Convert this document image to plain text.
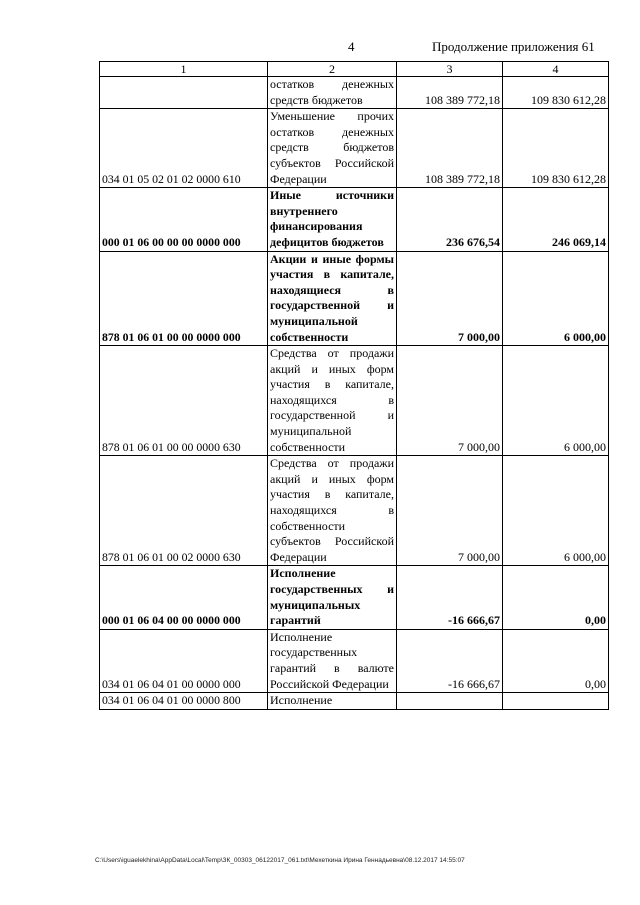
4	Продолжение приложения 61
1	2	3	4
	остатков денежных средств бюджетов	108 389 772,18	109 830 612,28
034 01 05 02 01 02 0000 610	Уменьшение прочих остатков денежных средств бюджетов субъектов Российской Федерации	108 389 772,18	109 830 612,28
000 01 06 00 00 00 0000 000	Иные источники внутреннего финансирования дефицитов бюджетов	236 676,54	246 069,14
878 01 06 01 00 00 0000 000	Акции и иные формы участия в капитале, находящиеся в государственной и муниципальной собственности	7 000,00	6 000,00
878 01 06 01 00 00 0000 630	Средства от продажи акций и иных форм участия в капитале, находящихся в государственной и муниципальной собственности	7 000,00	6 000,00
878 01 06 01 00 02 0000 630	Средства от продажи акций и иных форм участия в капитале, находящихся в собственности субъектов Российской Федерации	7 000,00	6 000,00
000 01 06 04 00 00 0000 000	Исполнение государственных и муниципальных гарантий	-16 666,67	0,00
034 01 06 04 01 00 0000 000	Исполнение государственных гарантий в валюте Российской Федерации	-16 666,67	0,00
034 01 06 04 01 00 0000 800	Исполнение		
C:\Users\iguaelekhina\AppData\Local\Temp\ЗК_00303_06122017_061.txt\Мехеткина Ирина Геннадьевна\08.12.2017 14:55:07
